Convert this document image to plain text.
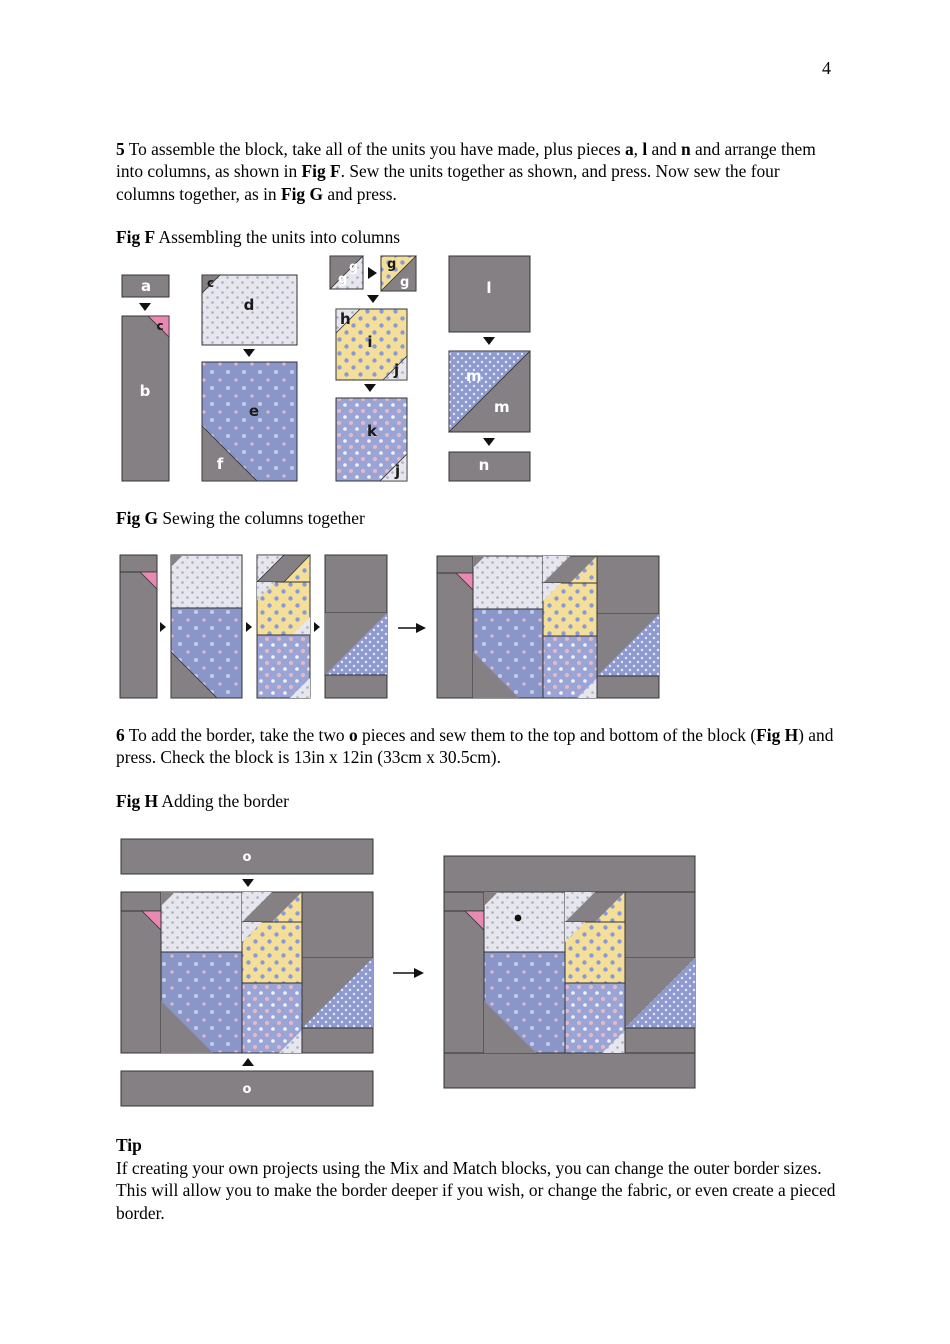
4

5 To assemble the block, take all of the units you have made, plus pieces a, l and n and arrange them into columns, as shown in Fig F. Sew the units together as shown, and press. Now sew the four columns together, as in Fig G and press.

Fig F Assembling the units into columns
a
c
b
c
d
e
f
g
g g
g
h
i
j
k
j
l
m
m
n
Fig G Sewing the columns together

6 To add the border, take the two o pieces and sew them to the top and bottom of the block (Fig H) and press. Check the block is 13in x 12in (33cm x 30.5cm).

Fig H Adding the border
o
o
Tip

If creating your own projects using the Mix and Match blocks, you can change the outer border sizes. This will allow you to make the border deeper if you wish, or change the fabric, or even create a pieced border.
